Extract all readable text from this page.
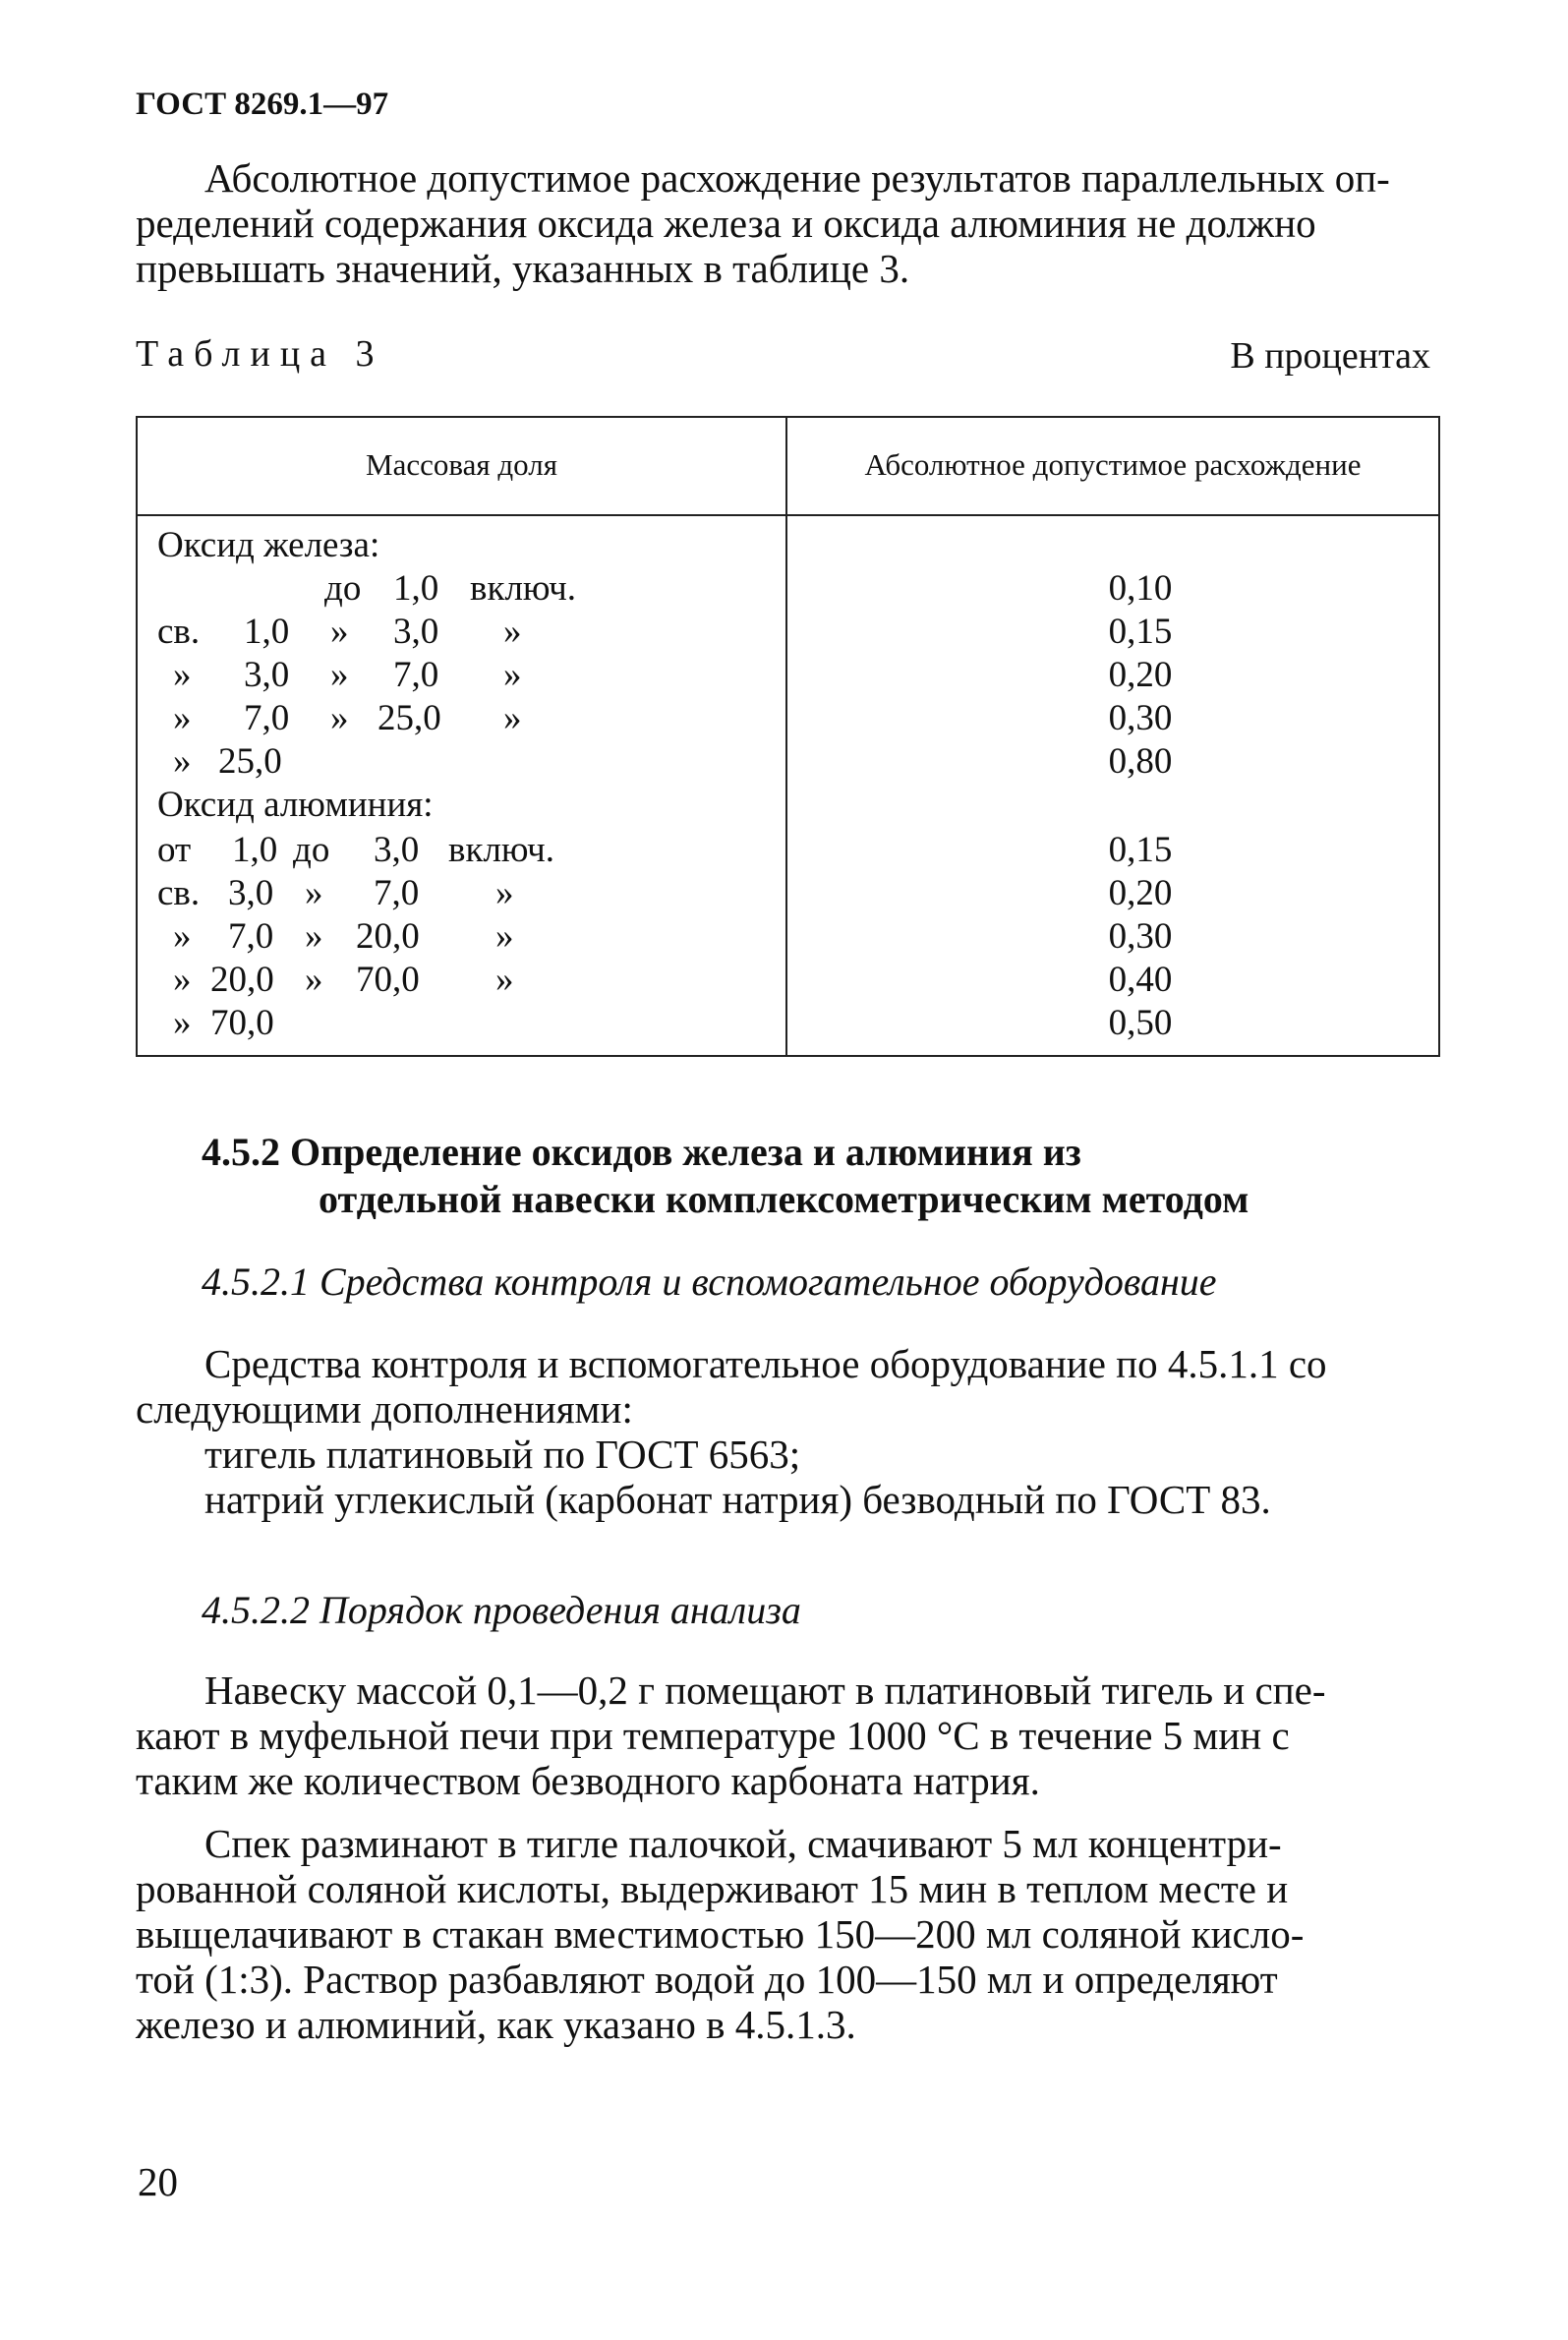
ГОСТ 8269.1—97

Абсолютное допустимое расхождение результатов параллельных оп-

ределений содержания оксида железа и оксида алюминия не должно

превышать значений, указанных в таблице 3.

Таблица 3	В процентах
Массовая доля	Абсолютное допустимое расхождение
Оксид железа:
до 1,0 включ.	0,10
св. 1,0 » 3,0 »	0,15
» 3,0 » 7,0 »	0,20
» 7,0 » 25,0 »	0,30
» 25,0	0,80
Оксид алюминия:
от 1,0 до 3,0 включ.	0,15
св. 3,0 » 7,0 »	0,20
» 7,0 » 20,0 »	0,30
» 20,0 » 70,0 »	0,40
» 70,0	0,50
4.5.2 Определение оксидов железа и алюминия из
отдельной навески комплексометрическим методом
4.5.2.1 Средства контроля и вспомогательное оборудование

Средства контроля и вспомогательное оборудование по 4.5.1.1 со

следующими дополнениями:

тигель платиновый по ГОСТ 6563;

натрий углекислый (карбонат натрия) безводный по ГОСТ 83.

4.5.2.2 Порядок проведения анализа

Навеску массой 0,1—0,2 г помещают в платиновый тигель и спе-

кают в муфельной печи при температуре 1000 °С в течение 5 мин с

таким же количеством безводного карбоната натрия.

Спек разминают в тигле палочкой, смачивают 5 мл концентри-

рованной соляной кислоты, выдерживают 15 мин в теплом месте и

выщелачивают в стакан вместимостью 150—200 мл соляной кисло-

той (1:3). Раствор разбавляют водой до 100—150 мл и определяют

железо и алюминий, как указано в 4.5.1.3.

20
